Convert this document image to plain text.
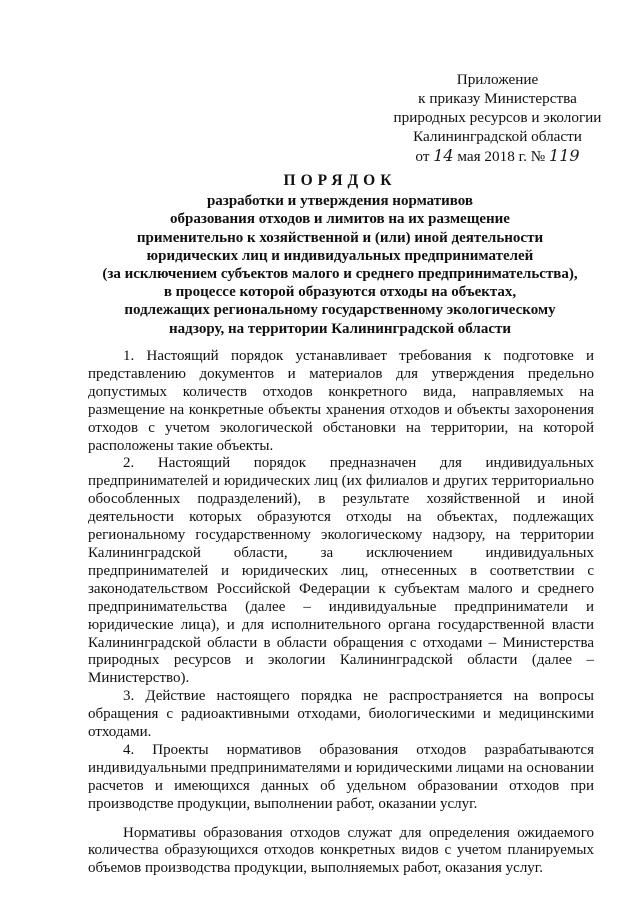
Приложение
к приказу Министерства
природных ресурсов и экологии
Калининградской области
от 14 мая 2018 г. № 119
ПОРЯДОК
разработки и утверждения нормативов
образования отходов и лимитов на их размещение
применительно к хозяйственной и (или) иной деятельности
юридических лиц и индивидуальных предпринимателей
(за исключением субъектов малого и среднего предпринимательства),
в процессе которой образуются отходы на объектах,
подлежащих региональному государственному экологическому
надзору, на территории Калининградской области

1. Настоящий порядок устанавливает требования к подготовке и представлению документов и материалов для утверждения предельно допустимых количеств отходов конкретного вида, направляемых на размещение на конкретные объекты хранения отходов и объекты захоронения отходов с учетом экологической обстановки на территории, на которой расположены такие объекты.

2. Настоящий порядок предназначен для индивидуальных предпринимателей и юридических лиц (их филиалов и других территориально обособленных подразделений), в результате хозяйственной и иной деятельности которых образуются отходы на объектах, подлежащих региональному государственному экологическому надзору, на территории Калининградской области, за исключением индивидуальных предпринимателей и юридических лиц, отнесенных в соответствии с законодательством Российской Федерации к субъектам малого и среднего предпринимательства (далее – индивидуальные предприниматели и юридические лица), и для исполнительного органа государственной власти Калининградской области в области обращения с отходами – Министерства природных ресурсов и экологии Калининградской области (далее – Министерство).

3. Действие настоящего порядка не распространяется на вопросы обращения с радиоактивными отходами, биологическими и медицинскими отходами.

4. Проекты нормативов образования отходов разрабатываются индивидуальными предпринимателями и юридическими лицами на основании расчетов и имеющихся данных об удельном образовании отходов при производстве продукции, выполнении работ, оказании услуг.

Нормативы образования отходов служат для определения ожидаемого количества образующихся отходов конкретных видов с учетом планируемых объемов производства продукции, выполняемых работ, оказания услуг.
